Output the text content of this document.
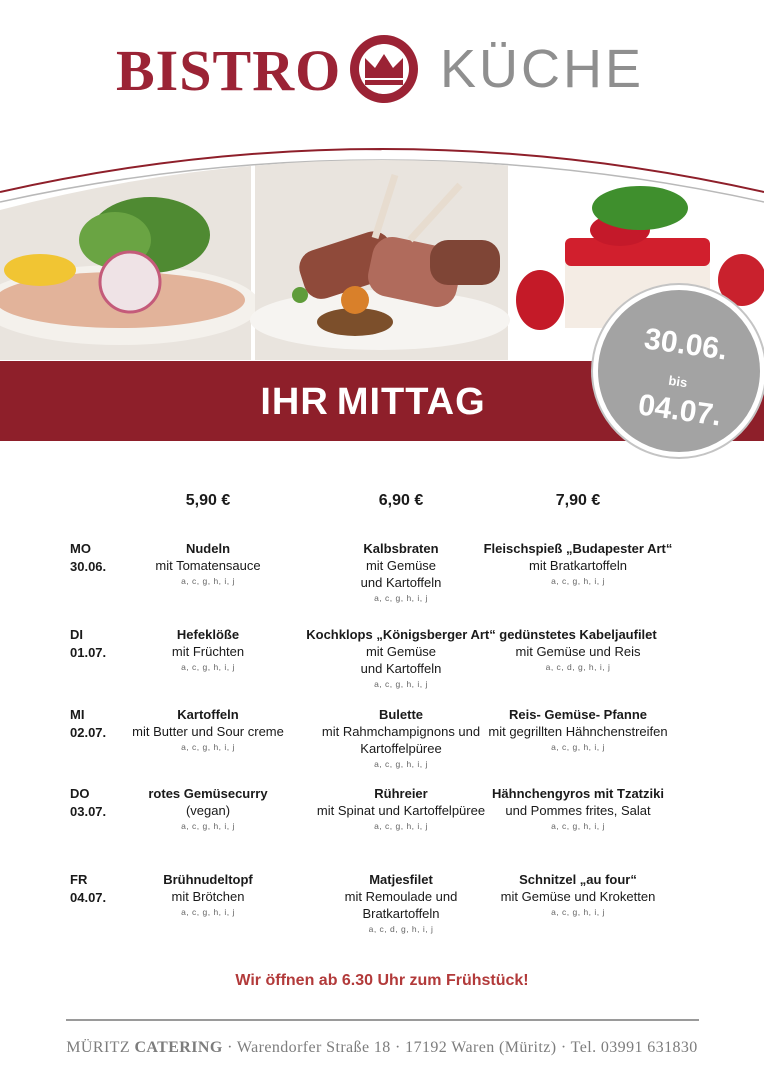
BISTRO KÜCHE
IHR MITTAG
30.06.
bis
04.07.
5,90 €	6,90 €	7,90 €
MO
30.06.
Nudeln
mit Tomatensauce
a, c, g, h, i, j
Kalbsbraten
mit Gemüse
und Kartoffeln
a, c, g, h, i, j
Fleischspieß „Budapester Art“
mit Bratkartoffeln
a, c, g, h, i, j
DI
01.07.
Hefeklöße
mit Früchten
a, c, g, h, i, j
Kochklops „Königsberger Art“
mit Gemüse
und Kartoffeln
a, c, g, h, i, j
gedünstetes Kabeljaufilet
mit Gemüse und Reis
a, c, d, g, h, i, j
MI
02.07.
Kartoffeln
mit Butter und Sour creme
a, c, g, h, i, j
Bulette
mit Rahmchampignons und
Kartoffelpüree
a, c, g, h, i, j
Reis- Gemüse- Pfanne
mit gegrillten Hähnchenstreifen
a, c, g, h, i, j
DO
03.07.
rotes Gemüsecurry
(vegan)
a, c, g, h, i, j
Rühreier
mit Spinat und Kartoffelpüree
a, c, g, h, i, j
Hähnchengyros mit Tzatziki
und Pommes frites, Salat
a, c, g, h, i, j
FR
04.07.
Brühnudeltopf
mit Brötchen
a, c, g, h, i, j
Matjesfilet
mit Remoulade und
Bratkartoffeln
a, c, d, g, h, i, j
Schnitzel „au four“
mit Gemüse und Kroketten
a, c, g, h, i, j
Wir öffnen ab 6.30 Uhr zum Frühstück!
MÜRITZ CATERING · Warendorfer Straße 18 · 17192 Waren (Müritz) · Tel. 03991 631830
